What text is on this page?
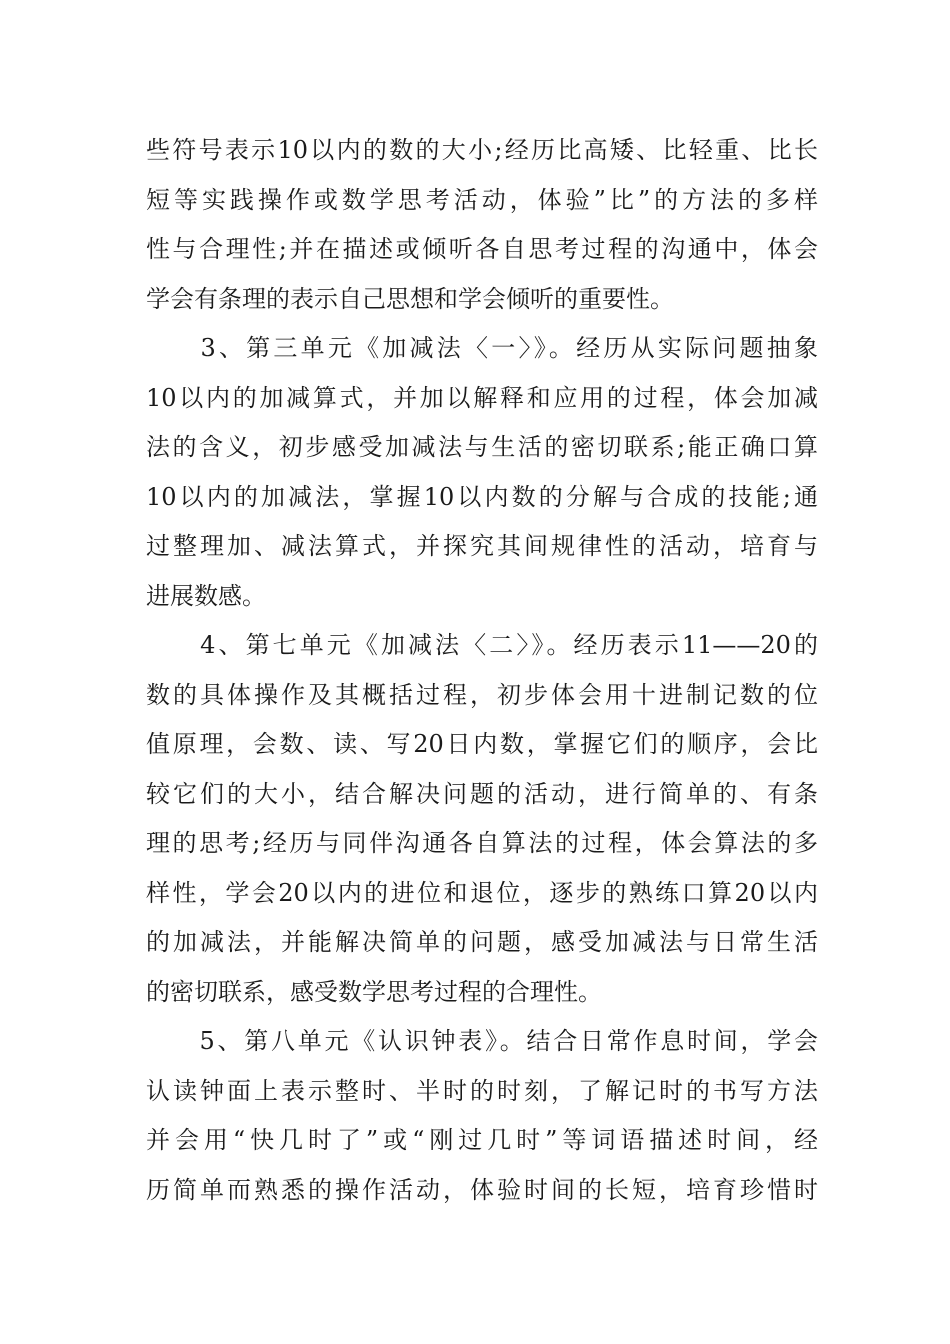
些符号表示10以内的数的大小;经历比高矮、比轻重、比长
短等实践操作或数学思考活动，体验”比”的方法的多样
性与合理性;并在描述或倾听各自思考过程的沟通中，体会
学会有条理的表示自己思想和学会倾听的重要性。
　　3、第三单元《加减法〈一〉》。经历从实际问题抽象
10以内的加减算式，并加以解释和应用的过程，体会加减
法的含义，初步感受加减法与生活的密切联系;能正确口算
10以内的加减法，掌握10以内数的分解与合成的技能;通
过整理加、减法算式，并探究其间规律性的活动，培育与
进展数感。
　　4、第七单元《加减法〈二〉》。经历表示11——20的
数的具体操作及其概括过程，初步体会用十进制记数的位
值原理，会数、读、写20日内数，掌握它们的顺序，会比
较它们的大小，结合解决问题的活动，进行简单的、有条
理的思考;经历与同伴沟通各自算法的过程，体会算法的多
样性，学会20以内的进位和退位，逐步的熟练口算20以内
的加减法，并能解决简单的问题，感受加减法与日常生活
的密切联系，感受数学思考过程的合理性。
　　5、第八单元《认识钟表》。结合日常作息时间，学会
认读钟面上表示整时、半时的时刻，了解记时的书写方法
并会用“快几时了”或“刚过几时”等词语描述时间，经
历简单而熟悉的操作活动，体验时间的长短，培育珍惜时
